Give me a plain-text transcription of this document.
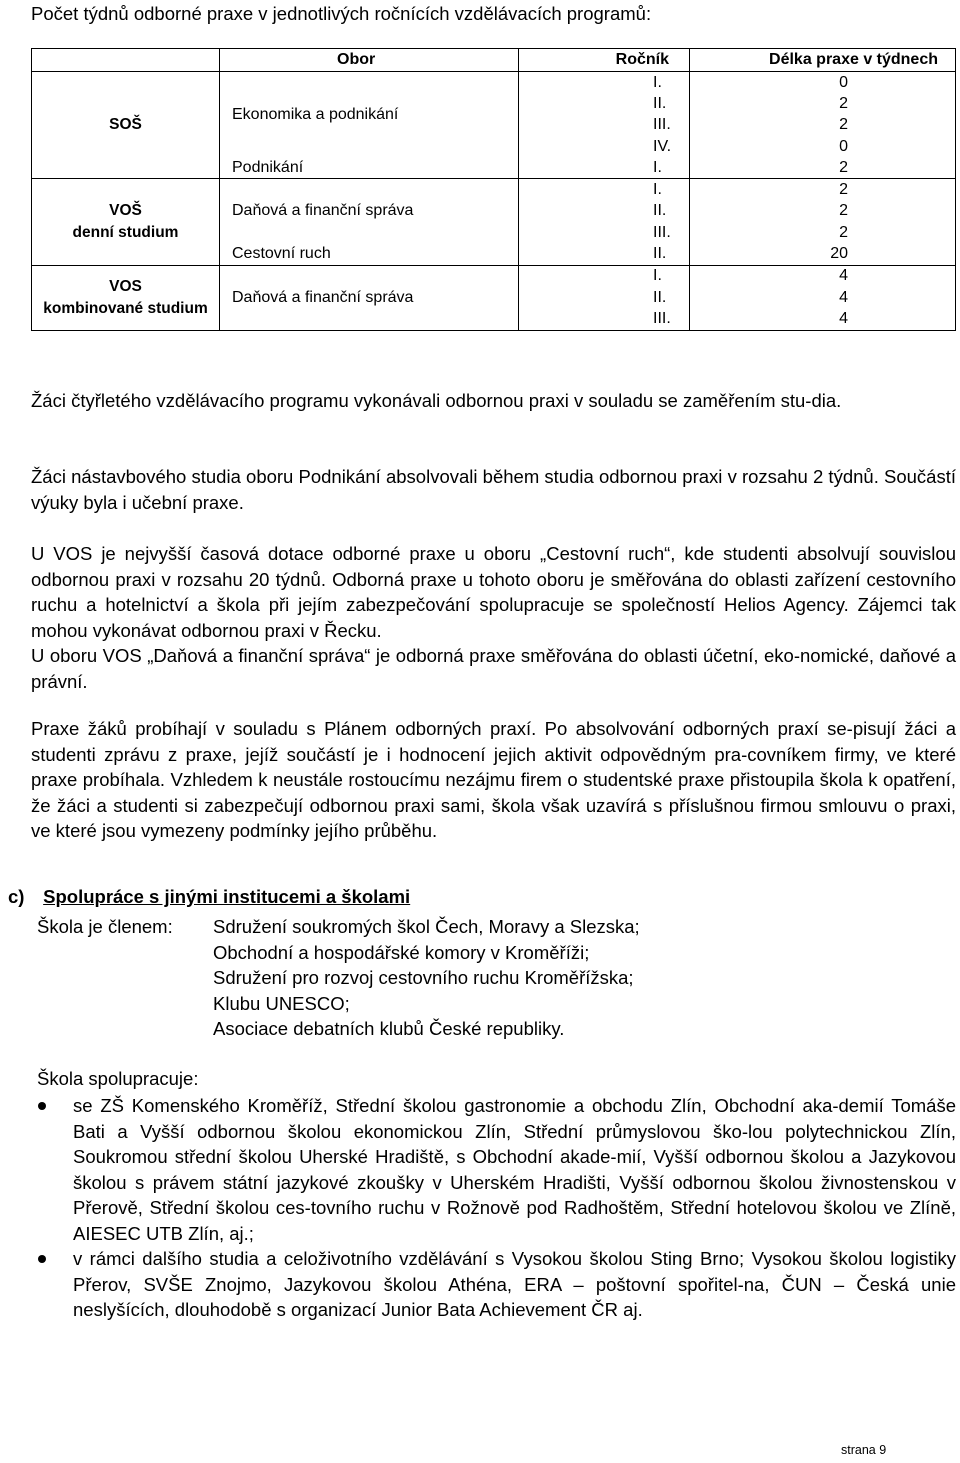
Počet týdnů odborné praxe v jednotlivých ročnících vzdělávacích programů:
	Obor	Ročník	Délka praxe v týdnech
SOŠ	Ekonomika a podnikání	I.	0
		II.	2
		III.	2
		IV.	0
	Podnikání	I.	2
VOŠ
denní studium	Daňová a finanční správa	I.	2
		II.	2
		III.	2
	Cestovní ruch	II.	20
VOS
kombinované studium	Daňová a finanční správa	I.	4
		II.	4
		III.	4

Žáci čtyřletého vzdělávacího programu vykonávali odbornou praxi v souladu se zaměřením stu-dia.

Žáci nástavbového studia oboru Podnikání absolvovali během studia odbornou praxi v rozsahu 2 týdnů. Součástí výuky byla i učební praxe.

U VOS je nejvyšší časová dotace odborné praxe u oboru „Cestovní ruch“, kde studenti absolvují souvislou odbornou praxi v rozsahu 20 týdnů. Odborná praxe u tohoto oboru je směřována do oblasti zařízení cestovního ruchu a hotelnictví a škola při jejím zabezpečování spolupracuje se společností Helios Agency. Zájemci tak mohou vykonávat odbornou praxi v Řecku.

U oboru VOS „Daňová a finanční správa“ je odborná praxe směřována do oblasti účetní, eko-nomické, daňové a právní.

Praxe žáků probíhají v souladu s Plánem odborných praxí. Po absolvování odborných praxí se-pisují žáci a studenti zprávu z praxe, jejíž součástí je i hodnocení jejich aktivit odpovědným pra-covníkem firmy, ve které praxe probíhala. Vzhledem k neustále rostoucímu nezájmu firem o studentské praxe přistoupila škola k opatření, že žáci a studenti si zabezpečují odbornou praxi sami, škola však uzavírá s příslušnou firmou smlouvu o praxi, ve které jsou vymezeny podmínky jejího průběhu.

c) Spolupráce s jinými institucemi a školami
Škola je členem: Sdružení soukromých škol Čech, Moravy a Slezska;
Obchodní a hospodářské komory v Kroměříži;
Sdružení pro rozvoj cestovního ruchu Kroměřížska;
Klubu UNESCO;
Asociace debatních klubů České republiky.
Škola spolupracuje:
se ZŠ Komenského Kroměříž, Střední školou gastronomie a obchodu Zlín, Obchodní aka-demií Tomáše Bati a Vyšší odbornou školou ekonomickou Zlín, Střední průmyslovou ško-lou polytechnickou Zlín, Soukromou střední školou Uherské Hradiště, s Obchodní akade-mií, Vyšší odbornou školou a Jazykovou školou s právem státní jazykové zkoušky v Uherském Hradišti, Vyšší odbornou školou živnostenskou v Přerově, Střední školou ces-tovního ruchu v Rožnově pod Radhoštěm, Střední hotelovou školou ve Zlíně, AIESEC UTB Zlín, aj.;
v rámci dalšího studia a celoživotního vzdělávání s Vysokou školou Sting Brno; Vysokou školou logistiky Přerov, SVŠE Znojmo, Jazykovou školou Athéna, ERA – poštovní spořitel-na, ČUN – Česká unie neslyšících, dlouhodobě s organizací Junior Bata Achievement ČR aj.
strana 9
